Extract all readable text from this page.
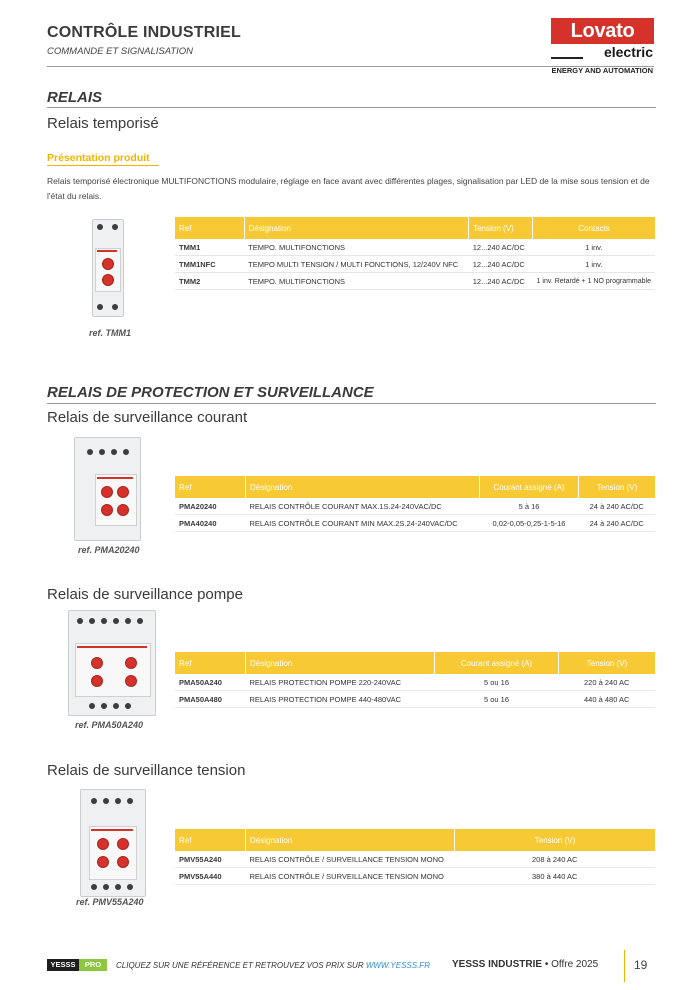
CONTRÔLE INDUSTRIEL
COMMANDE ET SIGNALISATION
Lovato
electric
ENERGY AND AUTOMATION
RELAIS
Relais temporisé
Présentation produit
Relais temporisé électronique MULTIFONCTIONS modulaire, réglage en face avant avec différentes plages, signalisation par LED de la mise sous tension et de l'état du relais.
ref. TMM1
Ref	Désignation	Tension (V)	Contacts
TMM1	TEMPO. MULTIFONCTIONS	12...240 AC/DC	1 inv.
TMM1NFC	TEMPO MULTI TENSION / MULTI FONCTIONS, 12/240V NFC	12...240 AC/DC	1 inv.
TMM2	TEMPO. MULTIFONCTIONS	12...240 AC/DC	1 inv. Retardé + 1 NO programmable
RELAIS DE PROTECTION ET SURVEILLANCE
Relais de surveillance courant
ref. PMA20240
Ref	Désignation	Courant assigné (A)	Tension (V)
PMA20240	RELAIS CONTRÔLE COURANT MAX.1S.24-240VAC/DC	5 à 16	24 à 240 AC/DC
PMA40240	RELAIS CONTRÔLE COURANT MIN MAX.2S.24-240VAC/DC	0,02-0,05-0,25-1-5-16	24 à 240 AC/DC
Relais de surveillance pompe
ref. PMA50A240
Ref	Désignation	Courant assigné (A)	Tension (V)
PMA50A240	RELAIS PROTECTION POMPE 220-240VAC	5 ou 16	220 à 240 AC
PMA50A480	RELAIS PROTECTION POMPE 440-480VAC	5 ou 16	440 à 480 AC
Relais de surveillance tension
ref. PMV55A240
Ref	Désignation	Tension (V)
PMV55A240	RELAIS CONTRÔLE / SURVEILLANCE TENSION MONO	208 à 240 AC
PMV55A440	RELAIS CONTRÔLE / SURVEILLANCE TENSION MONO	380 à 440 AC
YESSS	PRO	CLIQUEZ SUR UNE RÉFÉRENCE ET RETROUVEZ VOS PRIX SUR WWW.YESSS.FR YESSS INDUSTRIE • Offre 2025	19
